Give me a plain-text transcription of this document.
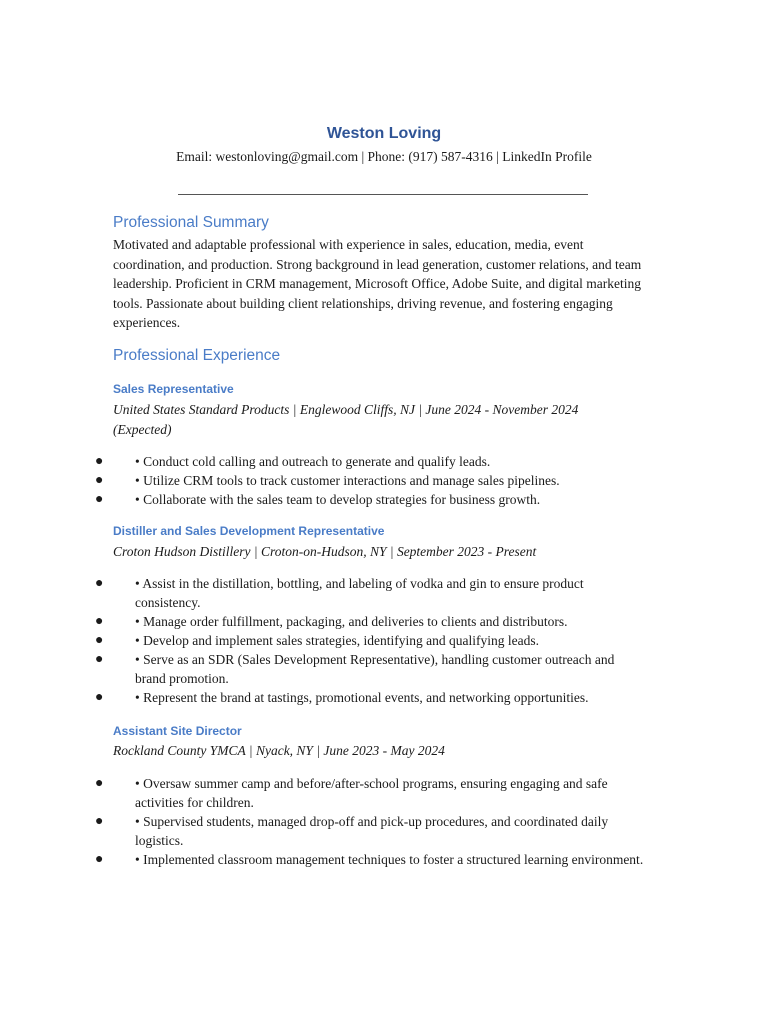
Weston Loving
Email: westonloving@gmail.com | Phone: (917) 587-4316 | LinkedIn Profile
Professional Summary
Motivated and adaptable professional with experience in sales, education, media, event coordination, and production. Strong background in lead generation, customer relations, and team leadership. Proficient in CRM management, Microsoft Office, Adobe Suite, and digital marketing tools. Passionate about building client relationships, driving revenue, and fostering engaging experiences.
Professional Experience
Sales Representative
United States Standard Products | Englewood Cliffs, NJ | June 2024 - November 2024 (Expected)
● • Conduct cold calling and outreach to generate and qualify leads.
● • Utilize CRM tools to track customer interactions and manage sales pipelines.
● • Collaborate with the sales team to develop strategies for business growth.
Distiller and Sales Development Representative
Croton Hudson Distillery | Croton-on-Hudson, NY | September 2023 - Present
● • Assist in the distillation, bottling, and labeling of vodka and gin to ensure product consistency.
● • Manage order fulfillment, packaging, and deliveries to clients and distributors.
● • Develop and implement sales strategies, identifying and qualifying leads.
● • Serve as an SDR (Sales Development Representative), handling customer outreach and brand promotion.
● • Represent the brand at tastings, promotional events, and networking opportunities.
Assistant Site Director
Rockland County YMCA | Nyack, NY | June 2023 - May 2024
● • Oversaw summer camp and before/after-school programs, ensuring engaging and safe activities for children.
● • Supervised students, managed drop-off and pick-up procedures, and coordinated daily logistics.
● • Implemented classroom management techniques to foster a structured learning environment.
